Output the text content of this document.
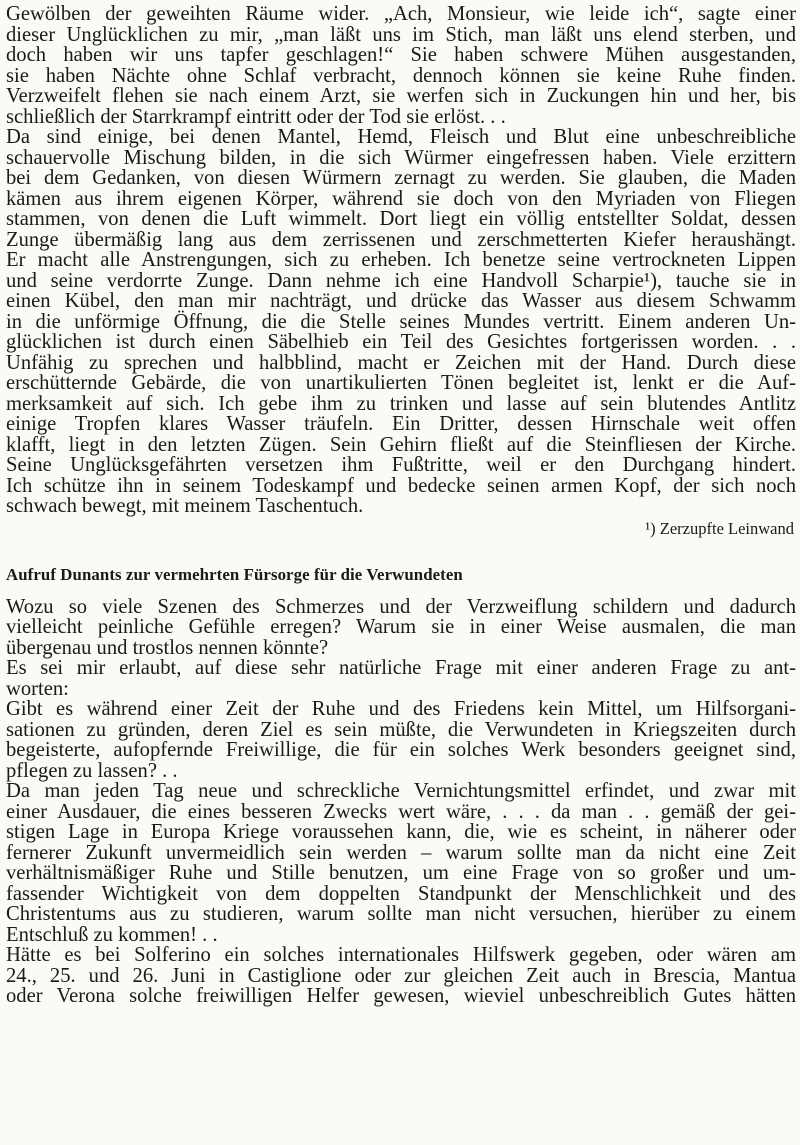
Gewölben der geweihten Räume wider. „Ach, Monsieur, wie leide ich“, sagte einer
dieser Unglücklichen zu mir, „man läßt uns im Stich, man läßt uns elend sterben, und
doch haben wir uns tapfer geschlagen!“ Sie haben schwere Mühen ausgestanden,
sie haben Nächte ohne Schlaf verbracht, dennoch können sie keine Ruhe finden.
Verzweifelt flehen sie nach einem Arzt, sie werfen sich in Zuckungen hin und her, bis
schließlich der Starrkrampf eintritt oder der Tod sie erlöst. . .
Da sind einige, bei denen Mantel, Hemd, Fleisch und Blut eine unbeschreibliche
schauervolle Mischung bilden, in die sich Würmer eingefressen haben. Viele erzittern
bei dem Gedanken, von diesen Würmern zernagt zu werden. Sie glauben, die Maden
kämen aus ihrem eigenen Körper, während sie doch von den Myriaden von Fliegen
stammen, von denen die Luft wimmelt. Dort liegt ein völlig entstellter Soldat, dessen
Zunge übermäßig lang aus dem zerrissenen und zerschmetterten Kiefer heraushängt.
Er macht alle Anstrengungen, sich zu erheben. Ich benetze seine vertrockneten Lippen
und seine verdorrte Zunge. Dann nehme ich eine Handvoll Scharpie¹), tauche sie in
einen Kübel, den man mir nachträgt, und drücke das Wasser aus diesem Schwamm
in die unförmige Öffnung, die die Stelle seines Mundes vertritt. Einem anderen Un-
glücklichen ist durch einen Säbelhieb ein Teil des Gesichtes fortgerissen worden. . .
Unfähig zu sprechen und halbblind, macht er Zeichen mit der Hand. Durch diese
erschütternde Gebärde, die von unartikulierten Tönen begleitet ist, lenkt er die Auf-
merksamkeit auf sich. Ich gebe ihm zu trinken und lasse auf sein blutendes Antlitz
einige Tropfen klares Wasser träufeln. Ein Dritter, dessen Hirnschale weit offen
klafft, liegt in den letzten Zügen. Sein Gehirn fließt auf die Steinfliesen der Kirche.
Seine Unglücksgefährten versetzen ihm Fußtritte, weil er den Durchgang hindert.
Ich schütze ihn in seinem Todeskampf und bedecke seinen armen Kopf, der sich noch
schwach bewegt, mit meinem Taschentuch.
¹) Zerzupfte Leinwand
Aufruf Dunants zur vermehrten Fürsorge für die Verwundeten
Wozu so viele Szenen des Schmerzes und der Verzweiflung schildern und dadurch
vielleicht peinliche Gefühle erregen? Warum sie in einer Weise ausmalen, die man
übergenau und trostlos nennen könnte?
Es sei mir erlaubt, auf diese sehr natürliche Frage mit einer anderen Frage zu ant-
worten:
Gibt es während einer Zeit der Ruhe und des Friedens kein Mittel, um Hilfsorgani-
sationen zu gründen, deren Ziel es sein müßte, die Verwundeten in Kriegszeiten durch
begeisterte, aufopfernde Freiwillige, die für ein solches Werk besonders geeignet sind,
pflegen zu lassen? . .
Da man jeden Tag neue und schreckliche Vernichtungsmittel erfindet, und zwar mit
einer Ausdauer, die eines besseren Zwecks wert wäre, . . . da man . . gemäß der gei-
stigen Lage in Europa Kriege voraussehen kann, die, wie es scheint, in näherer oder
fernerer Zukunft unvermeidlich sein werden – warum sollte man da nicht eine Zeit
verhältnismäßiger Ruhe und Stille benutzen, um eine Frage von so großer und um-
fassender Wichtigkeit von dem doppelten Standpunkt der Menschlichkeit und des
Christentums aus zu studieren, warum sollte man nicht versuchen, hierüber zu einem
Entschluß zu kommen! . .
Hätte es bei Solferino ein solches internationales Hilfswerk gegeben, oder wären am
24., 25. und 26. Juni in Castiglione oder zur gleichen Zeit auch in Brescia, Mantua
oder Verona solche freiwilligen Helfer gewesen, wieviel unbeschreiblich Gutes hätten
